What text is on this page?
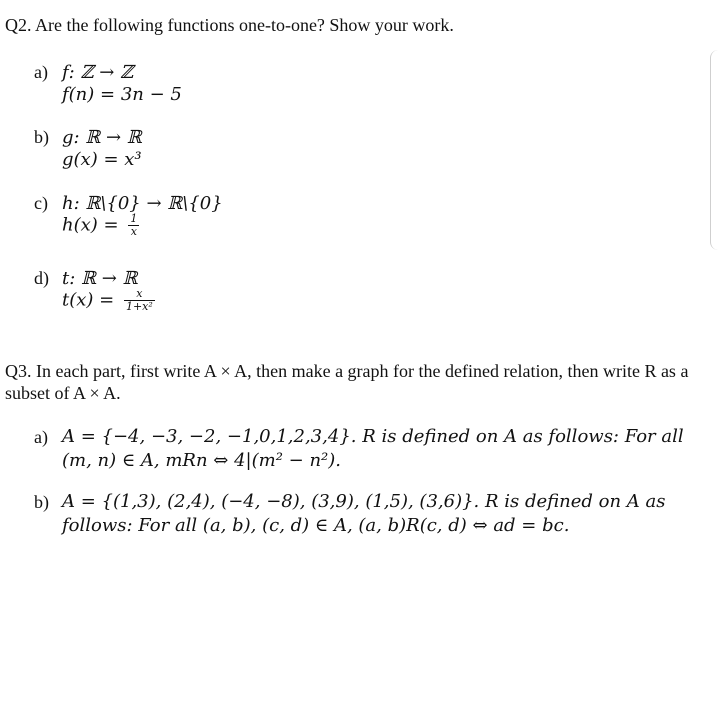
Q2. Are the following functions one-to-one? Show your work.
a) f: ℤ → ℤ
f(n) = 3n − 5
b) g: ℝ → ℝ
g(x) = x³
c) h: ℝ\{0} → ℝ\{0}
$h(x) = \frac{1}{x}$
d) t: ℝ → ℝ
$t(x) = \frac{x}{\text{1+x²}}$
Q3. In each part, first write A × A, then make a graph for the defined relation, then write R as a subset of A × A.
a) A = {−4, −3, −2, −1,0,1,2,3,4}. R is defined on A as follows: For all (m, n) ∈ A, mRn ⇔ 4|(m² − n²).
b) A = {(1,3), (2,4), (−4, −8), (3,9), (1,5), (3,6)}. R is defined on A as follows: For all (a, b), (c, d) ∈ A, (a, b)R(c, d) ⇔ ad = bc.
